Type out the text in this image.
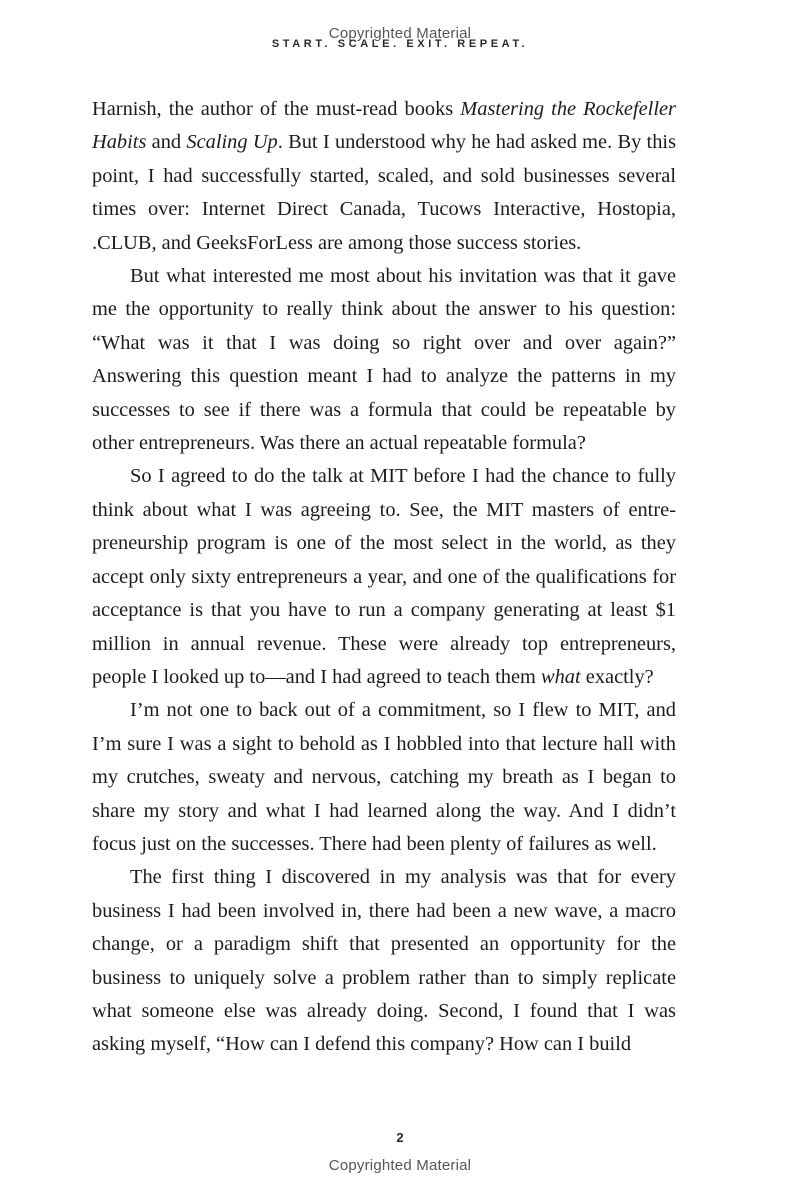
Copyrighted Material
START. SCALE. EXIT. REPEAT.

Harnish, the author of the must-read books Mastering the Rockefeller Habits and Scaling Up. But I understood why he had asked me. By this point, I had successfully started, scaled, and sold businesses several times over: Internet Direct Canada, Tucows Interactive, Hostopia, .CLUB, and GeeksForLess are among those success stories.

But what interested me most about his invitation was that it gave me the opportunity to really think about the answer to his question: “What was it that I was doing so right over and over again?” Answering this question meant I had to analyze the patterns in my successes to see if there was a formula that could be repeatable by other entrepreneurs. Was there an actual repeatable formula?

So I agreed to do the talk at MIT before I had the chance to fully think about what I was agreeing to. See, the MIT masters of entrepreneurship program is one of the most select in the world, as they accept only sixty entrepreneurs a year, and one of the qualifications for acceptance is that you have to run a company generating at least $1 million in annual revenue. These were already top entrepreneurs, people I looked up to—and I had agreed to teach them what exactly?

I’m not one to back out of a commitment, so I flew to MIT, and I’m sure I was a sight to behold as I hobbled into that lecture hall with my crutches, sweaty and nervous, catching my breath as I began to share my story and what I had learned along the way. And I didn’t focus just on the successes. There had been plenty of failures as well.

The first thing I discovered in my analysis was that for every business I had been involved in, there had been a new wave, a macro change, or a paradigm shift that presented an opportunity for the business to uniquely solve a problem rather than to simply replicate what someone else was already doing. Second, I found that I was asking myself, “How can I defend this company? How can I build

2
Copyrighted Material
